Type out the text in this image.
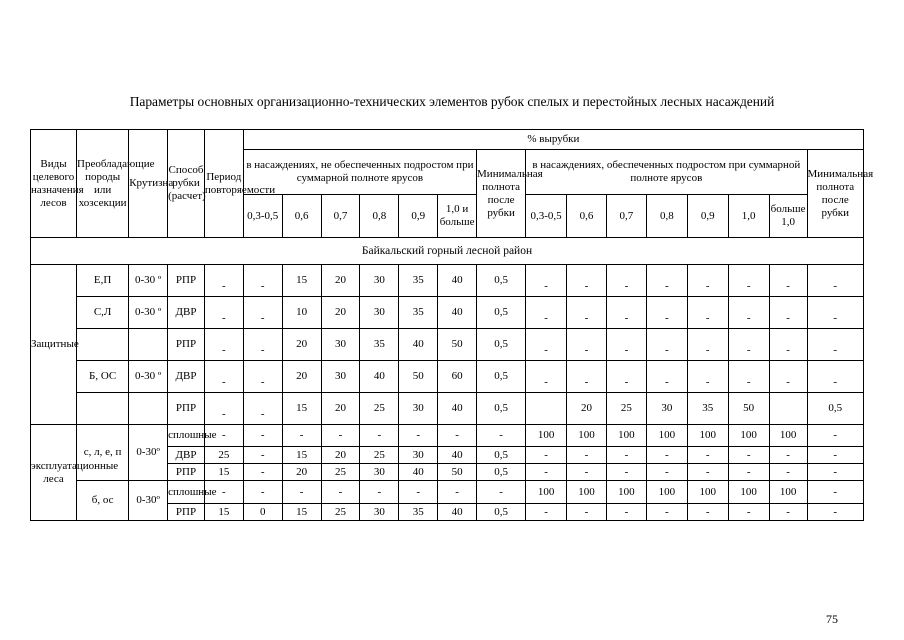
Параметры основных организационно-технических элементов рубок спелых и перестойных лесных насаждений
Виды целевого назначения лесов	Преобладающие породы или хозсекции	Крутизна	Способ рубки (расчет)	Период повторяемости	% вырубки														
					в насаждениях, не обеспеченных подростом при суммарной полноте ярусов						Минимальная полнота после рубки	в насаждениях, обеспеченных подростом при суммарной полноте ярусов							Минимальная полнота после рубки
					0,3-0,5	0,6	0,7	0,8	0,9	1,0 и больше		0,3-0,5	0,6	0,7	0,8	0,9	1,0	больше 1,0	
Байкальский горный лесной район																			
Защитные	Е,П	0-30 º	РПР	-	-	15	20	30	35	40	0,5	-	-	-	-	-	-	-	-
	С,Л	0-30 º	ДВР	-	-	10	20	30	35	40	0,5	-	-	-	-	-	-	-	-
			РПР	-	-	20	30	35	40	50	0,5	-	-	-	-	-	-	-	-
	Б, ОС	0-30 º	ДВР	-	-	20	30	40	50	60	0,5	-	-	-	-	-	-	-	-
			РПР	-	-	15	20	25	30	40	0,5		20	25	30	35	50		0,5
эксплуатационные леса	с, л, е, п	0-30º	сплошные	-	-	-	-	-	-	-	-	100	100	100	100	100	100	100	-
			ДВР	25	-	15	20	25	30	40	0,5	-	-	-	-	-	-	-	-
			РПР	15	-	20	25	30	40	50	0,5	-	-	-	-	-	-	-	-
	б, ос	0-30º	сплошные	-	-	-	-	-	-	-	-	100	100	100	100	100	100	100	-
			РПР	15	0	15	25	30	35	40	0,5	-	-	-	-	-	-	-	-
75
